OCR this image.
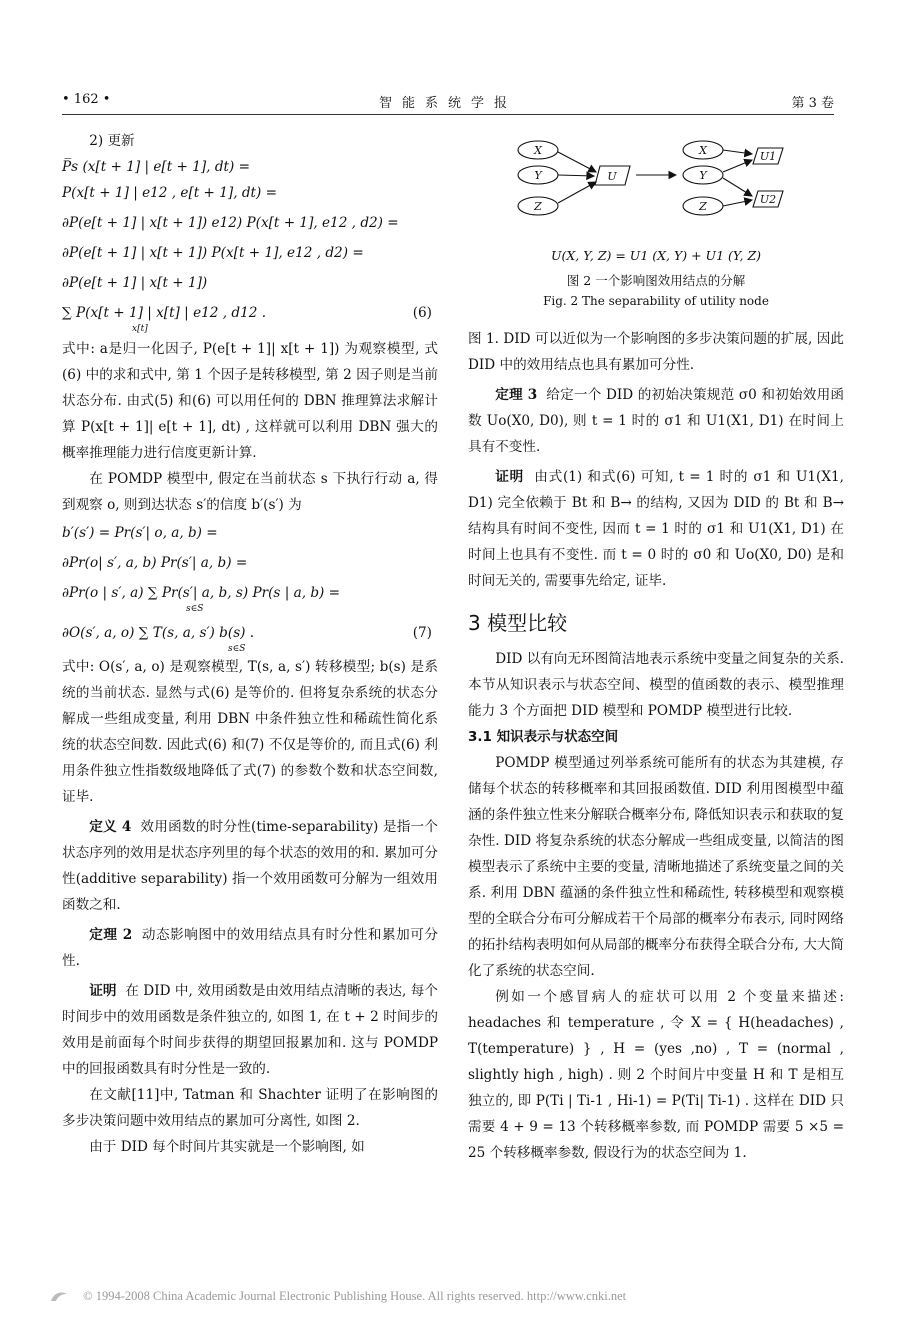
• 162 •	智能系统学报	第 3 卷

2) 更新

P̅s (x[t + 1] | e[t + 1], dt) =

P(x[t + 1] | e12 , e[t + 1], dt) =

∂P(e[t + 1] | x[t + 1]) e12) P(x[t + 1], e12 , d2) =

∂P(e[t + 1] | x[t + 1]) P(x[t + 1], e12 , d2) =

∂P(e[t + 1] | x[t + 1])

∑ P(x[t + 1] | x[t] | e12 , d12 .	(6)

x[t]

式中: a是归一化因子, P(e[t + 1]| x[t + 1]) 为观察模型, 式(6) 中的求和式中, 第 1 个因子是转移模型, 第 2 因子则是当前状态分布. 由式(5) 和(6) 可以用任何的 DBN 推理算法求解计算 P(x[t + 1]| e[t + 1], dt) , 这样就可以利用 DBN 强大的概率推理能力进行信度更新计算.

在 POMDP 模型中, 假定在当前状态 s 下执行行动 a, 得到观察 o, 则到达状态 s′的信度 b′(s′) 为

b′(s′) = Pr(s′| o, a, b) =

∂Pr(o| s′, a, b) Pr(s′| a, b) =

∂Pr(o | s′, a) ∑ Pr(s′| a, b, s) Pr(s | a, b) =

s∈S

∂O(s′, a, o) ∑ T(s, a, s′) b(s) .	(7)

s∈S

式中: O(s′, a, o) 是观察模型, T(s, a, s′) 转移模型; b(s) 是系统的当前状态. 显然与式(6) 是等价的. 但将复杂系统的状态分解成一些组成变量, 利用 DBN 中条件独立性和稀疏性简化系统的状态空间数. 因此式(6) 和(7) 不仅是等价的, 而且式(6) 利用条件独立性指数级地降低了式(7) 的参数个数和状态空间数, 证毕.

定义 4 效用函数的时分性(time-separability) 是指一个状态序列的效用是状态序列里的每个状态的效用的和. 累加可分性(additive separability) 指一个效用函数可分解为一组效用函数之和.

定理 2 动态影响图中的效用结点具有时分性和累加可分性.

证明 在 DID 中, 效用函数是由效用结点清晰的表达, 每个时间步中的效用函数是条件独立的, 如图 1, 在 t + 2 时间步的效用是前面每个时间步获得的期望回报累加和. 这与 POMDP 中的回报函数具有时分性是一致的.

在文献[11]中, Tatman 和 Shachter 证明了在影响图的多步决策问题中效用结点的累加可分离性, 如图 2.

由于 DID 每个时间片其实就是一个影响图, 如

X
Y
Z
U
X
Y
Z
U1
U2
U(X, Y, Z) = U1 (X, Y) + U1 (Y, Z)
图 2 一个影响图效用结点的分解
Fig. 2 The separability of utility node

图 1. DID 可以近似为一个影响图的多步决策问题的扩展, 因此 DID 中的效用结点也具有累加可分性.

定理 3 给定一个 DID 的初始决策规范 σ0 和初始效用函数 Uo(X0, D0), 则 t = 1 时的 σ1 和 U1(X1, D1) 在时间上具有不变性.

证明 由式(1) 和式(6) 可知, t = 1 时的 σ1 和 U1(X1, D1) 完全依赖于 Bt 和 B→ 的结构, 又因为 DID 的 Bt 和 B→ 结构具有时间不变性, 因而 t = 1 时的 σ1 和 U1(X1, D1) 在时间上也具有不变性. 而 t = 0 时的 σ0 和 Uo(X0, D0) 是和时间无关的, 需要事先给定, 证毕.

3 模型比较

DID 以有向无环图简洁地表示系统中变量之间复杂的关系. 本节从知识表示与状态空间、模型的值函数的表示、模型推理能力 3 个方面把 DID 模型和 POMDP 模型进行比较.

3.1 知识表示与状态空间

POMDP 模型通过列举系统可能所有的状态为其建模, 存储每个状态的转移概率和其回报函数值. DID 利用图模型中蕴涵的条件独立性来分解联合概率分布, 降低知识表示和获取的复杂性. DID 将复杂系统的状态分解成一些组成变量, 以简洁的图模型表示了系统中主要的变量, 清晰地描述了系统变量之间的关系. 利用 DBN 蕴涵的条件独立性和稀疏性, 转移模型和观察模型的全联合分布可分解成若干个局部的概率分布表示, 同时网络的拓扑结构表明如何从局部的概率分布获得全联合分布, 大大简化了系统的状态空间.

例如一个感冒病人的症状可以用 2 个变量来描述: headaches 和 temperature , 令 X = { H(headaches) , T(temperature) } , H = (yes ,no) , T = (normal , slightly high , high) . 则 2 个时间片中变量 H 和 T 是相互独立的, 即 P(Ti | Ti-1 , Hi-1) = P(Ti| Ti-1) . 这样在 DID 只需要 4 + 9 = 13 个转移概率参数, 而 POMDP 需要 5 ×5 = 25 个转移概率参数, 假设行为的状态空间为 1.

© 1994-2008 China Academic Journal Electronic Publishing House. All rights reserved. http://www.cnki.net
